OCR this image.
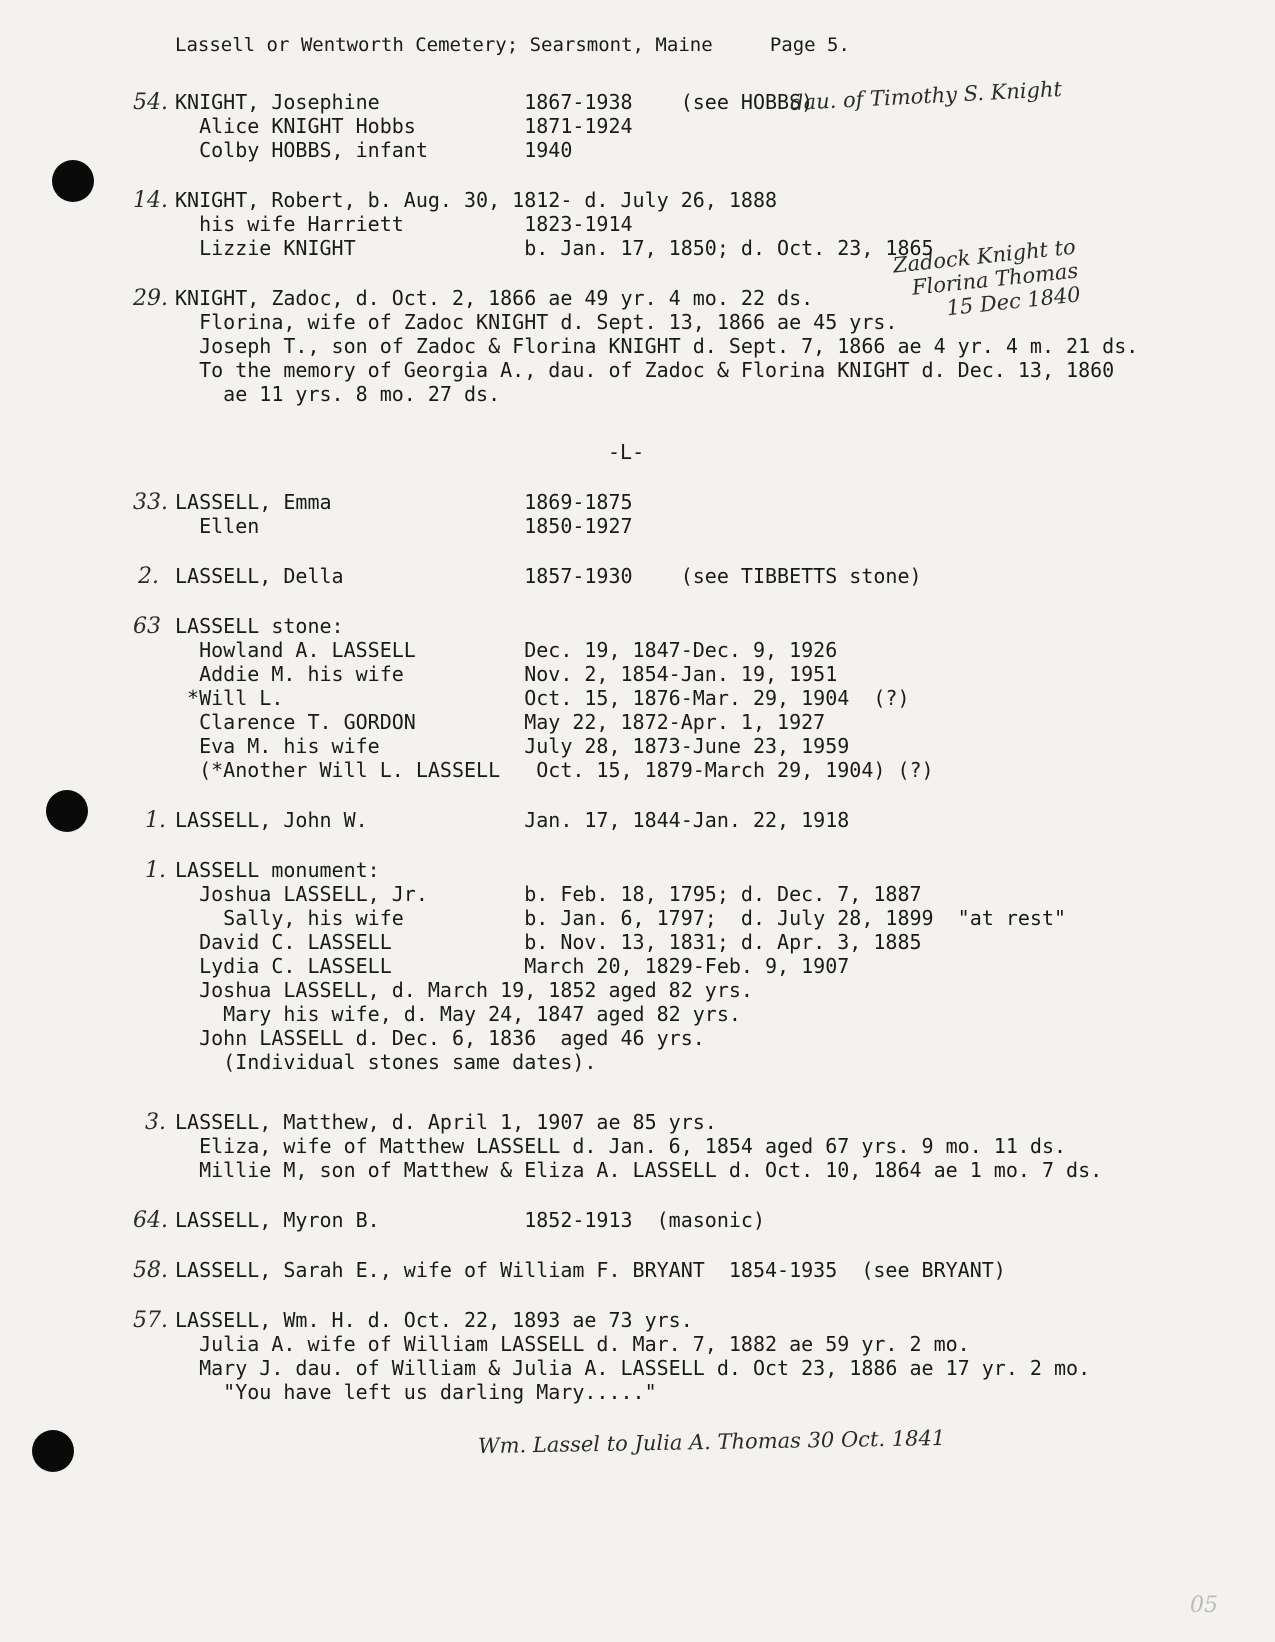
Lassell or Wentworth Cemetery; Searsmont, Maine     Page 5.
54. KNIGHT, Josephine            1867-1938    (see HOBBS)
Alice KNIGHT Hobbs         1871-1924
Colby HOBBS, infant        1940
dau. of Timothy S. Knight
14. KNIGHT, Robert, b. Aug. 30, 1812- d. July 26, 1888
his wife Harriett          1823-1914
Lizzie KNIGHT              b. Jan. 17, 1850; d. Oct. 23, 1865
29. KNIGHT, Zadoc, d. Oct. 2, 1866 ae 49 yr. 4 mo. 22 ds.
Florina, wife of Zadoc KNIGHT d. Sept. 13, 1866 ae 45 yrs.
Joseph T., son of Zadoc & Florina KNIGHT d. Sept. 7, 1866 ae 4 yr. 4 m. 21 ds.
To the memory of Georgia A., dau. of Zadoc & Florina KNIGHT d. Dec. 13, 1860
ae 11 yrs. 8 mo. 27 ds.
Zadock Knight to
Florina Thomas
15 Dec 1840
-L-
33. LASSELL, Emma                1869-1875
Ellen                      1850-1927
2. LASSELL, Della               1857-1930    (see TIBBETTS stone)
63 LASSELL stone:
Howland A. LASSELL         Dec. 19, 1847-Dec. 9, 1926
Addie M. his wife          Nov. 2, 1854-Jan. 19, 1951
*Will L.                    Oct. 15, 1876-Mar. 29, 1904  (?)
Clarence T. GORDON         May 22, 1872-Apr. 1, 1927
Eva M. his wife            July 28, 1873-June 23, 1959
(*Another Will L. LASSELL   Oct. 15, 1879-March 29, 1904) (?)
1. LASSELL, John W.             Jan. 17, 1844-Jan. 22, 1918
1. LASSELL monument:
Joshua LASSELL, Jr.        b. Feb. 18, 1795; d. Dec. 7, 1887
Sally, his wife          b. Jan. 6, 1797;  d. July 28, 1899  "at rest"
David C. LASSELL           b. Nov. 13, 1831; d. Apr. 3, 1885
Lydia C. LASSELL           March 20, 1829-Feb. 9, 1907
Joshua LASSELL, d. March 19, 1852 aged 82 yrs.
Mary his wife, d. May 24, 1847 aged 82 yrs.
John LASSELL d. Dec. 6, 1836  aged 46 yrs.
(Individual stones same dates).
3. LASSELL, Matthew, d. April 1, 1907 ae 85 yrs.
Eliza, wife of Matthew LASSELL d. Jan. 6, 1854 aged 67 yrs. 9 mo. 11 ds.
Millie M, son of Matthew & Eliza A. LASSELL d. Oct. 10, 1864 ae 1 mo. 7 ds.
64. LASSELL, Myron B.            1852-1913  (masonic)
58. LASSELL, Sarah E., wife of William F. BRYANT  1854-1935  (see BRYANT)
57. LASSELL, Wm. H. d. Oct. 22, 1893 ae 73 yrs.
Julia A. wife of William LASSELL d. Mar. 7, 1882 ae 59 yr. 2 mo.
Mary J. dau. of William & Julia A. LASSELL d. Oct 23, 1886 ae 17 yr. 2 mo.
"You have left us darling Mary....."
Wm. Lassel to Julia A. Thomas 30 Oct. 1841
05
